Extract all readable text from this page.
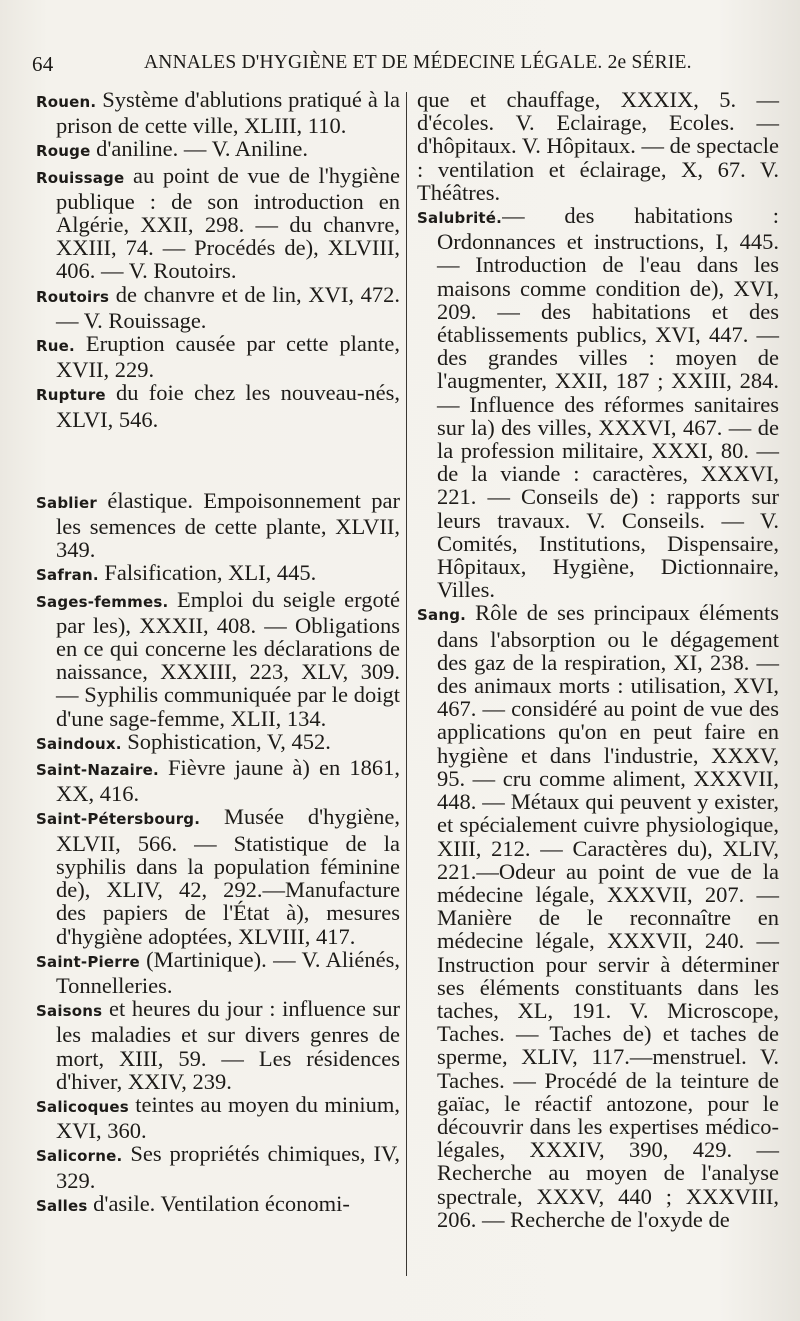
64	ANNALES D'HYGIÈNE ET DE MÉDECINE LÉGALE. 2e SÉRIE.

Rouen. Système d'ablutions pratiqué à la prison de cette ville, XLIII, 110.

Rouge d'aniline. — V. Aniline.

Rouissage au point de vue de l'hygiène publique : de son introduction en Algérie, XXII, 298. — du chanvre, XXIII, 74. — Procédés de), XLVIII, 406. — V. Routoirs.

Routoirs de chanvre et de lin, XVI, 472. — V. Rouissage.

Rue. Eruption causée par cette plante, XVII, 229.

Rupture du foie chez les nouveau-nés, XLVI, 546.

Sablier élastique. Empoisonnement par les semences de cette plante, XLVII, 349.

Safran. Falsification, XLI, 445.

Sages-femmes. Emploi du seigle ergoté par les), XXXII, 408. — Obligations en ce qui concerne les déclarations de naissance, XXXIII, 223, XLV, 309. — Syphilis communiquée par le doigt d'une sage-femme, XLII, 134.

Saindoux. Sophistication, V, 452.

Saint-Nazaire. Fièvre jaune à) en 1861, XX, 416.

Saint-Pétersbourg. Musée d'hygiène, XLVII, 566. — Statistique de la syphilis dans la population féminine de), XLIV, 42, 292.—Manufacture des papiers de l'État à), mesures d'hygiène adoptées, XLVIII, 417.

Saint-Pierre (Martinique). — V. Aliénés, Tonnelleries.

Saisons et heures du jour : influence sur les maladies et sur divers genres de mort, XIII, 59. — Les résidences d'hiver, XXIV, 239.

Salicoques teintes au moyen du minium, XVI, 360.

Salicorne. Ses propriétés chimiques, IV, 329.

Salles d'asile. Ventilation économi-

que et chauffage, XXXIX, 5. — d'écoles. V. Eclairage, Ecoles. — d'hôpitaux. V. Hôpitaux. — de spectacle : ventilation et éclairage, X, 67. V. Théâtres.

Salubrité.— des habitations : Ordonnances et instructions, I, 445. — Introduction de l'eau dans les maisons comme condition de), XVI, 209. — des habitations et des établissements publics, XVI, 447. — des grandes villes : moyen de l'augmenter, XXII, 187 ; XXIII, 284. — Influence des réformes sanitaires sur la) des villes, XXXVI, 467. — de la profession militaire, XXXI, 80. — de la viande : caractères, XXXVI, 221. — Conseils de) : rapports sur leurs travaux. V. Conseils. — V. Comités, Institutions, Dispensaire, Hôpitaux, Hygiène, Dictionnaire, Villes.

Sang. Rôle de ses principaux éléments dans l'absorption ou le dégagement des gaz de la respiration, XI, 238. — des animaux morts : utilisation, XVI, 467. — considéré au point de vue des applications qu'on en peut faire en hygiène et dans l'industrie, XXXV, 95. — cru comme aliment, XXXVII, 448. — Métaux qui peuvent y exister, et spécialement cuivre physiologique, XIII, 212. — Caractères du), XLIV, 221.—Odeur au point de vue de la médecine légale, XXXVII, 207. — Manière de le reconnaître en médecine légale, XXXVII, 240. — Instruction pour servir à déterminer ses éléments constituants dans les taches, XL, 191. V. Microscope, Taches. — Taches de) et taches de sperme, XLIV, 117.—menstruel. V. Taches. — Procédé de la teinture de gaïac, le réactif antozone, pour le découvrir dans les expertises médico-légales, XXXIV, 390, 429. — Recherche au moyen de l'analyse spectrale, XXXV, 440 ; XXXVIII, 206. — Recherche de l'oxyde de
